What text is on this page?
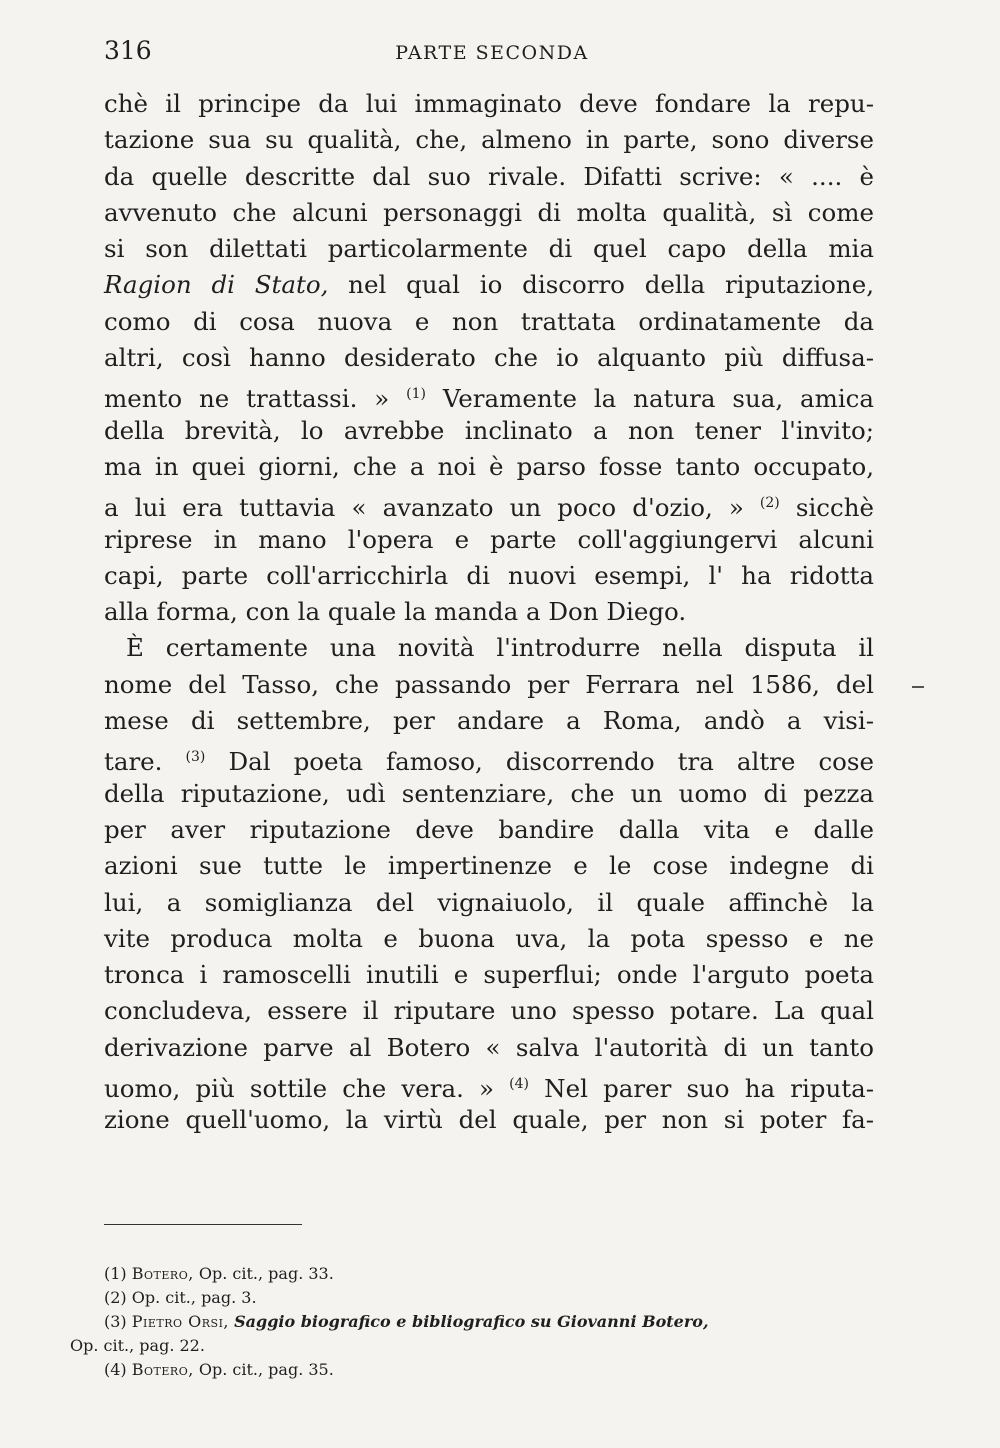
316	PARTE SECONDA
chè il principe da lui immaginato deve fondare la repu-
tazione sua su qualità, che, almeno in parte, sono diverse
da quelle descritte dal suo rivale. Difatti scrive: « .... è
avvenuto che alcuni personaggi di molta qualità, sì come
si son dilettati particolarmente di quel capo della mia
Ragion di Stato, nel qual io discorro della riputazione,
como di cosa nuova e non trattata ordinatamente da
altri, così hanno desiderato che io alquanto più diffusa-
mento ne trattassi. » $^{(1)}$ Veramente la natura sua, amica
della brevità, lo avrebbe inclinato a non tener l'invito;
ma in quei giorni, che a noi è parso fosse tanto occupato,
a lui era tuttavia « avanzato un poco d'ozio, » $^{(2)}$ sicchè
riprese in mano l'opera e parte coll'aggiungervi alcuni
capi, parte coll'arricchirla di nuovi esempi, l' ha ridotta
alla forma, con la quale la manda a Don Diego.
È certamente una novità l'introdurre nella disputa il
nome del Tasso, che passando per Ferrara nel 1586, del
mese di settembre, per andare a Roma, andò a visi-
tare. $^{(3)}$ Dal poeta famoso, discorrendo tra altre cose
della riputazione, udì sentenziare, che un uomo di pezza
per aver riputazione deve bandire dalla vita e dalle
azioni sue tutte le impertinenze e le cose indegne di
lui, a somiglianza del vignaiuolo, il quale affinchè la
vite produca molta e buona uva, la pota spesso e ne
tronca i ramoscelli inutili e superflui; onde l'arguto poeta
concludeva, essere il riputare uno spesso potare. La qual
derivazione parve al Botero « salva l'autorità di un tanto
uomo, più sottile che vera. » $^{(4)}$ Nel parer suo ha riputa-
zione quell'uomo, la virtù del quale, per non si poter fa-
(1) Botero, Op. cit., pag. 33.
(2) Op. cit., pag. 3.
(3) Pietro Orsi, Saggio biografico e bibliografico su Giovanni Botero,
Op. cit., pag. 22.
(4) Botero, Op. cit., pag. 35.
